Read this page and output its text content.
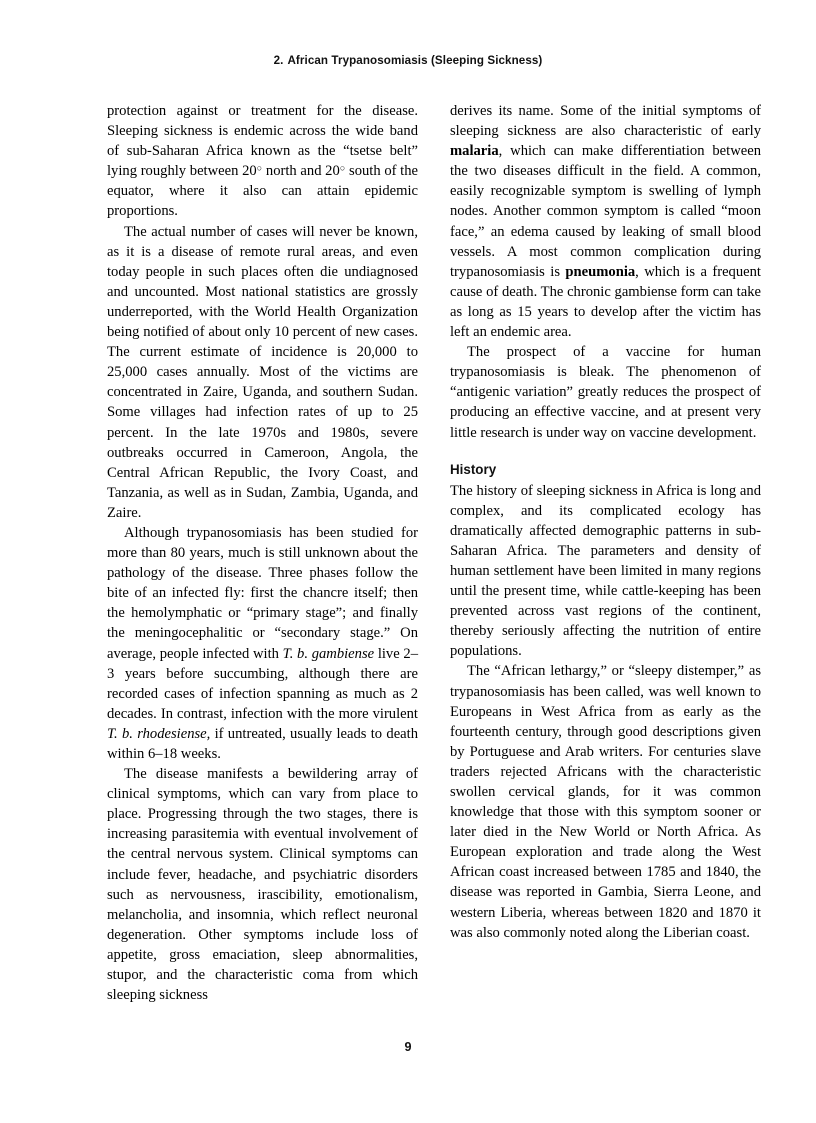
2. African Trypanosomiasis (Sleeping Sickness)

protection against or treatment for the disease. Sleeping sickness is endemic across the wide band of sub-Saharan Africa known as the “tsetse belt” lying roughly between 20○ north and 20○ south of the equator, where it also can attain epidemic proportions.

The actual number of cases will never be known, as it is a disease of remote rural areas, and even today people in such places often die undiagnosed and uncounted. Most national statistics are grossly underreported, with the World Health Organization being notified of about only 10 percent of new cases. The current estimate of incidence is 20,000 to 25,000 cases annually. Most of the victims are concentrated in Zaire, Uganda, and southern Sudan. Some villages had infection rates of up to 25 percent. In the late 1970s and 1980s, severe outbreaks occurred in Cameroon, Angola, the Central African Republic, the Ivory Coast, and Tanzania, as well as in Sudan, Zambia, Uganda, and Zaire.

Although trypanosomiasis has been studied for more than 80 years, much is still unknown about the pathology of the disease. Three phases follow the bite of an infected fly: first the chancre itself; then the hemolymphatic or “primary stage”; and finally the meningocephalitic or “secondary stage.” On average, people infected with T. b. gambiense live 2–3 years before succumbing, although there are recorded cases of infection spanning as much as 2 decades. In contrast, infection with the more virulent T. b. rhodesiense, if untreated, usually leads to death within 6–18 weeks.

The disease manifests a bewildering array of clinical symptoms, which can vary from place to place. Progressing through the two stages, there is increasing parasitemia with eventual involvement of the central nervous system. Clinical symptoms can include fever, headache, and psychiatric disorders such as nervousness, irascibility, emotionalism, melancholia, and insomnia, which reflect neuronal degeneration. Other symptoms include loss of appetite, gross emaciation, sleep abnormalities, stupor, and the characteristic coma from which sleeping sickness

derives its name. Some of the initial symptoms of sleeping sickness are also characteristic of early malaria, which can make differentiation between the two diseases difficult in the field. A common, easily recognizable symptom is swelling of lymph nodes. Another common symptom is called “moon face,” an edema caused by leaking of small blood vessels. A most common complication during trypanosomiasis is pneumonia, which is a frequent cause of death. The chronic gambiense form can take as long as 15 years to develop after the victim has left an endemic area.

The prospect of a vaccine for human trypanosomiasis is bleak. The phenomenon of “antigenic variation” greatly reduces the prospect of producing an effective vaccine, and at present very little research is under way on vaccine development.

History

The history of sleeping sickness in Africa is long and complex, and its complicated ecology has dramatically affected demographic patterns in sub-Saharan Africa. The parameters and density of human settlement have been limited in many regions until the present time, while cattle-keeping has been prevented across vast regions of the continent, thereby seriously affecting the nutrition of entire populations.

The “African lethargy,” or “sleepy distemper,” as trypanosomiasis has been called, was well known to Europeans in West Africa from as early as the fourteenth century, through good descriptions given by Portuguese and Arab writers. For centuries slave traders rejected Africans with the characteristic swollen cervical glands, for it was common knowledge that those with this symptom sooner or later died in the New World or North Africa. As European exploration and trade along the West African coast increased between 1785 and 1840, the disease was reported in Gambia, Sierra Leone, and western Liberia, whereas between 1820 and 1870 it was also commonly noted along the Liberian coast.

9
